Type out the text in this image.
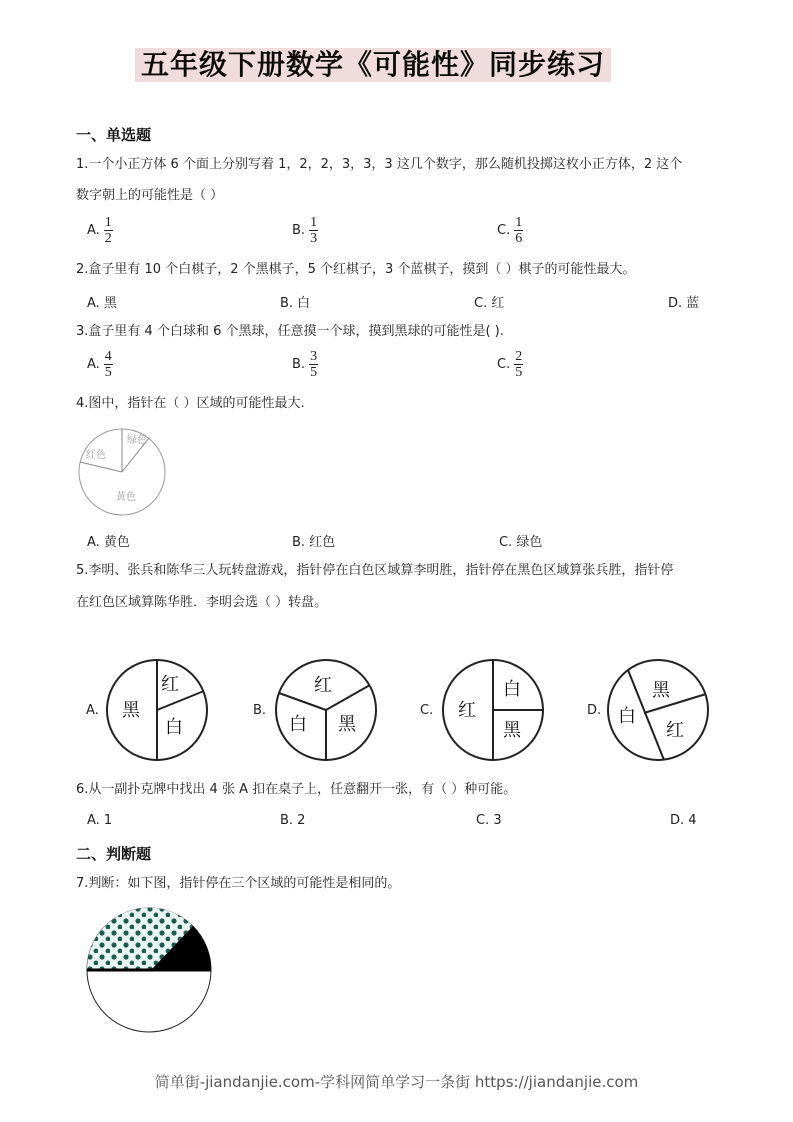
五年级下册数学《可能性》同步练习
一、单选题
1.一个小正方体 6 个面上分别写着 1，2，2，3，3，3 这几个数字，那么随机投掷这枚小正方体，2 这个
数字朝上的可能性是（ ）
A. $\frac{1}{2}$	B. $\frac{1}{3}$	C. $\frac{1}{6}$
2.盒子里有 10 个白棋子，2 个黑棋子，5 个红棋子，3 个蓝棋子，摸到（ ）棋子的可能性最大。
A. 黑	B. 白	C. 红	D. 蓝
3.盒子里有 4 个白球和 6 个黑球，任意摸一个球，摸到黑球的可能性是( ).
A. $\frac{4}{5}$	B. $\frac{3}{5}$	C. $\frac{2}{5}$
4.图中，指针在（ ）区域的可能性最大.
绿色
红色
黄色
A. 黄色	B. 红色	C. 绿色
5.李明、张兵和陈华三人玩转盘游戏，指针停在白色区域算李明胜，指针停在黑色区域算张兵胜，指针停
在红色区域算陈华胜．李明会选（ ）转盘。
A. 黑
红
白
B.
红
白 黑
C. 红
白
黑
D. 白
黑
红
6.从一副扑克牌中找出 4 张 A 扣在桌子上，任意翻开一张，有（ ）种可能。
A. 1	B. 2	C. 3	D. 4
二、判断题
7.判断：如下图，指针停在三个区域的可能性是相同的。
简单街-jiandanjie.com-学科网简单学习一条街 https://jiandanjie.com
